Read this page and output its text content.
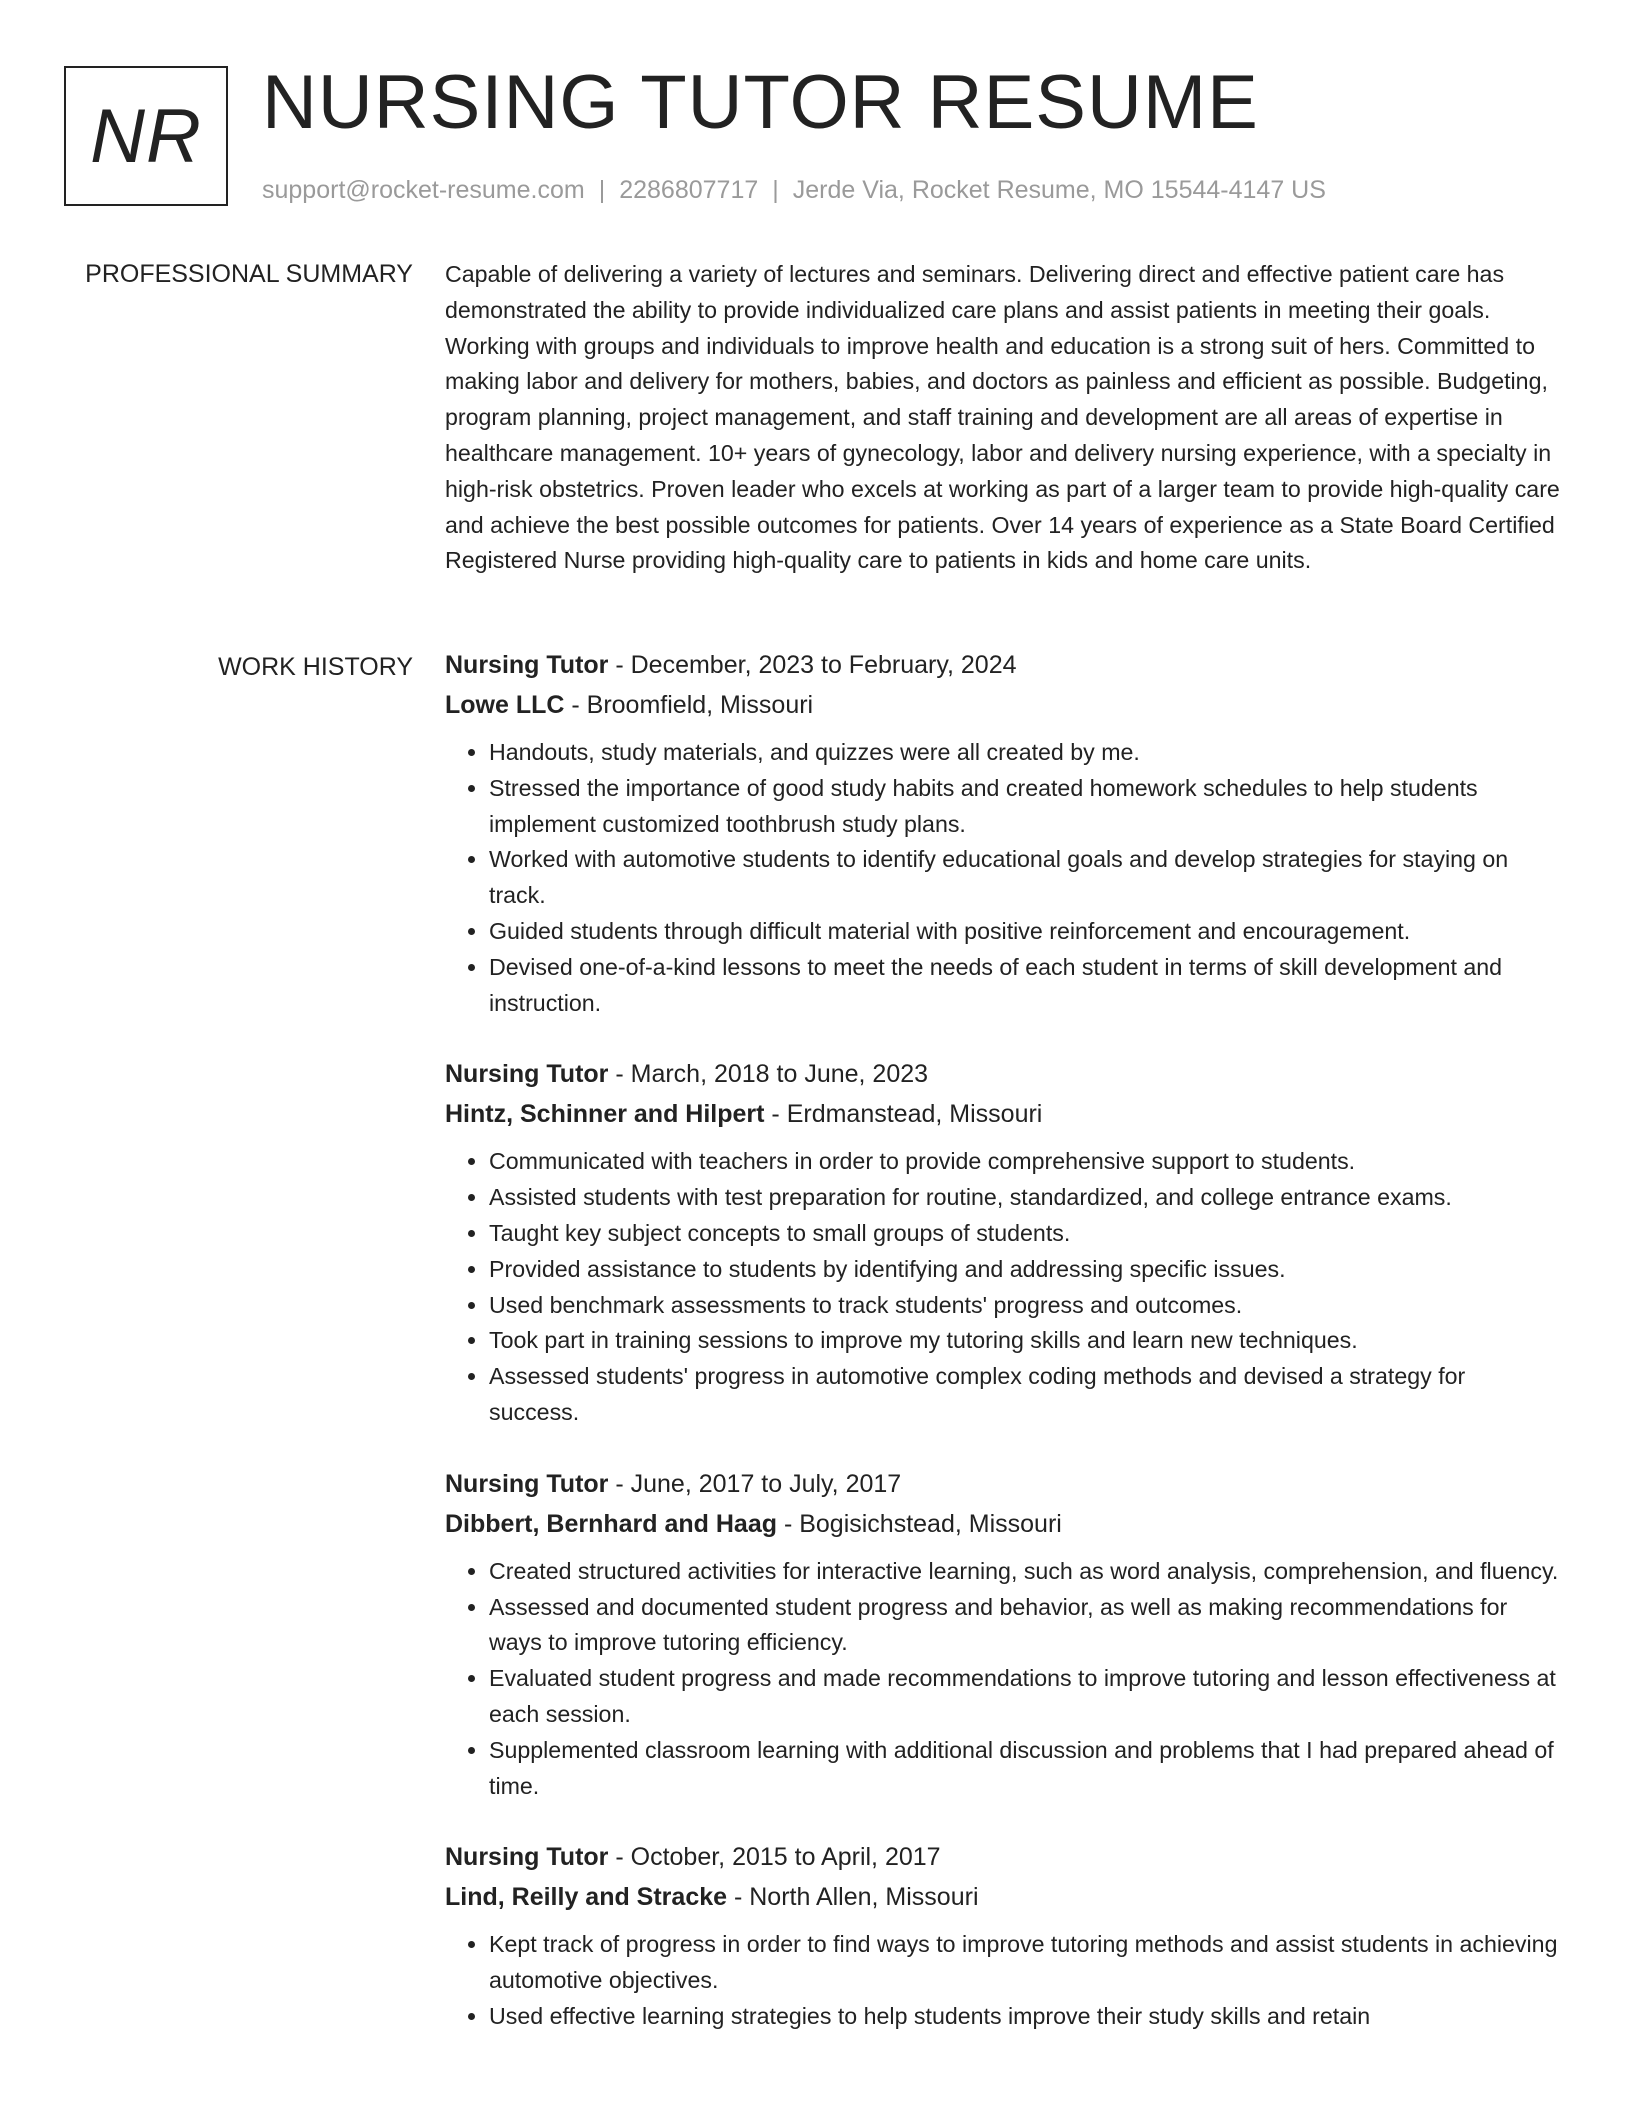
NR NURSING TUTOR RESUME
support@rocket-resume.com | 2286807717 | Jerde Via, Rocket Resume, MO 15544-4147 US
PROFESSIONAL SUMMARY Capable of delivering a variety of lectures and seminars. Delivering direct and effective patient care has demonstrated the ability to provide individualized care plans and assist patients in meeting their goals. Working with groups and individuals to improve health and education is a strong suit of hers. Committed to making labor and delivery for mothers, babies, and doctors as painless and efficient as possible. Budgeting, program planning, project management, and staff training and development are all areas of expertise in healthcare management. 10+ years of gynecology, labor and delivery nursing experience, with a specialty in high-risk obstetrics. Proven leader who excels at working as part of a larger team to provide high-quality care and achieve the best possible outcomes for patients. Over 14 years of experience as a State Board Certified Registered Nurse providing high-quality care to patients in kids and home care units.

WORK HISTORY Nursing Tutor - December, 2023 to February, 2024
Lowe LLC - Broomfield, Missouri
• Handouts, study materials, and quizzes were all created by me.
• Stressed the importance of good study habits and created homework schedules to help students implement customized toothbrush study plans.
• Worked with automotive students to identify educational goals and develop strategies for staying on track.
• Guided students through difficult material with positive reinforcement and encouragement.
• Devised one-of-a-kind lessons to meet the needs of each student in terms of skill development and instruction.
Nursing Tutor - March, 2018 to June, 2023
Hintz, Schinner and Hilpert - Erdmanstead, Missouri
• Communicated with teachers in order to provide comprehensive support to students.
• Assisted students with test preparation for routine, standardized, and college entrance exams.
• Taught key subject concepts to small groups of students.
• Provided assistance to students by identifying and addressing specific issues.
• Used benchmark assessments to track students' progress and outcomes.
• Took part in training sessions to improve my tutoring skills and learn new techniques.
• Assessed students' progress in automotive complex coding methods and devised a strategy for success.
Nursing Tutor - June, 2017 to July, 2017
Dibbert, Bernhard and Haag - Bogisichstead, Missouri
• Created structured activities for interactive learning, such as word analysis, comprehension, and fluency.
• Assessed and documented student progress and behavior, as well as making recommendations for ways to improve tutoring efficiency.
• Evaluated student progress and made recommendations to improve tutoring and lesson effectiveness at each session.
• Supplemented classroom learning with additional discussion and problems that I had prepared ahead of time.
Nursing Tutor - October, 2015 to April, 2017
Lind, Reilly and Stracke - North Allen, Missouri
• Kept track of progress in order to find ways to improve tutoring methods and assist students in achieving automotive objectives.
• Used effective learning strategies to help students improve their study skills and retain
